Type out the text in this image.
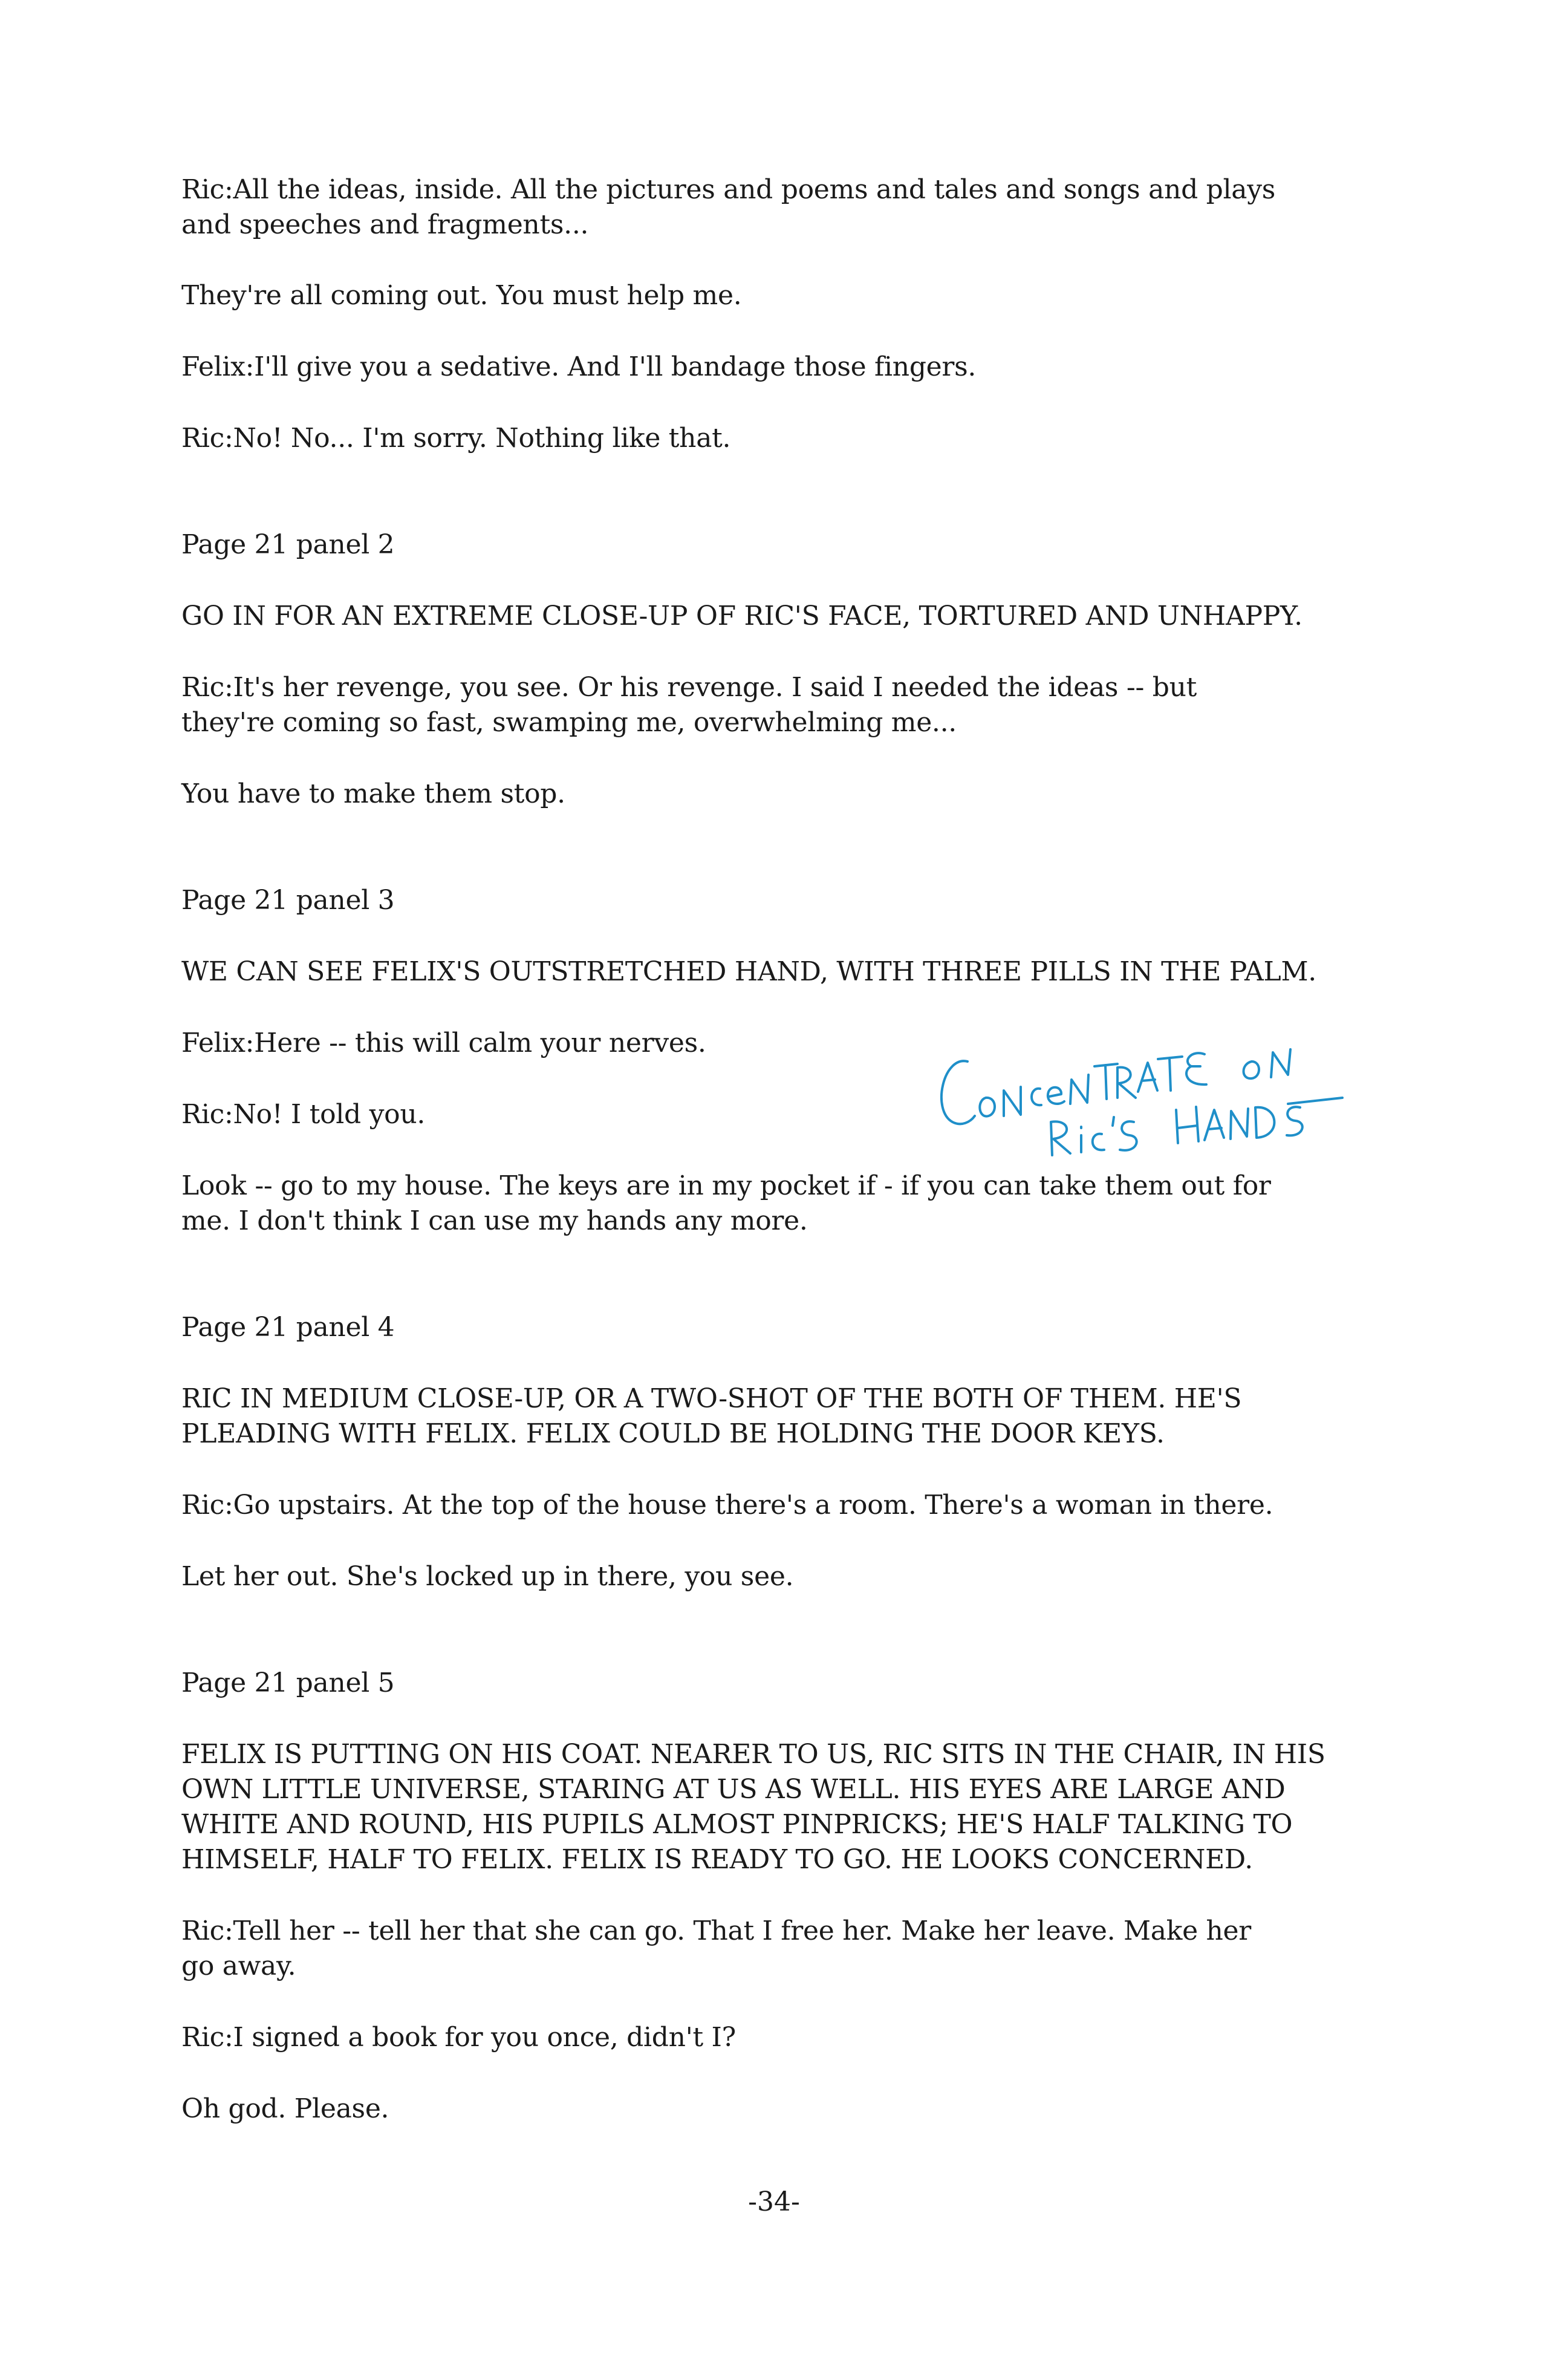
Ric:All the ideas, inside. All the pictures and poems and tales and songs and plays
and speeches and fragments...
They're all coming out. You must help me.
Felix:I'll give you a sedative. And I'll bandage those fingers.
Ric:No! No... I'm sorry. Nothing like that.
Page 21 panel 2
GO IN FOR AN EXTREME CLOSE-UP OF RIC'S FACE, TORTURED AND UNHAPPY.
Ric:It's her revenge, you see. Or his revenge. I said I needed the ideas -- but
they're coming so fast, swamping me, overwhelming me...
You have to make them stop.
Page 21 panel 3
WE CAN SEE FELIX'S OUTSTRETCHED HAND, WITH THREE PILLS IN THE PALM.
Felix:Here -- this will calm your nerves.
Ric:No! I told you.
Look -- go to my house. The keys are in my pocket if - if you can take them out for
me. I don't think I can use my hands any more.
Page 21 panel 4
RIC IN MEDIUM CLOSE-UP, OR A TWO-SHOT OF THE BOTH OF THEM. HE'S
PLEADING WITH FELIX. FELIX COULD BE HOLDING THE DOOR KEYS.
Ric:Go upstairs. At the top of the house there's a room. There's a woman in there.
Let her out. She's locked up in there, you see.
Page 21 panel 5
FELIX IS PUTTING ON HIS COAT. NEARER TO US, RIC SITS IN THE CHAIR, IN HIS
OWN LITTLE UNIVERSE, STARING AT US AS WELL. HIS EYES ARE LARGE AND
WHITE AND ROUND, HIS PUPILS ALMOST PINPRICKS; HE'S HALF TALKING TO
HIMSELF, HALF TO FELIX. FELIX IS READY TO GO. HE LOOKS CONCERNED.
Ric:Tell her -- tell her that she can go. That I free her. Make her leave. Make her
go away.
Ric:I signed a book for you once, didn't I?
Oh god. Please.
-34-
